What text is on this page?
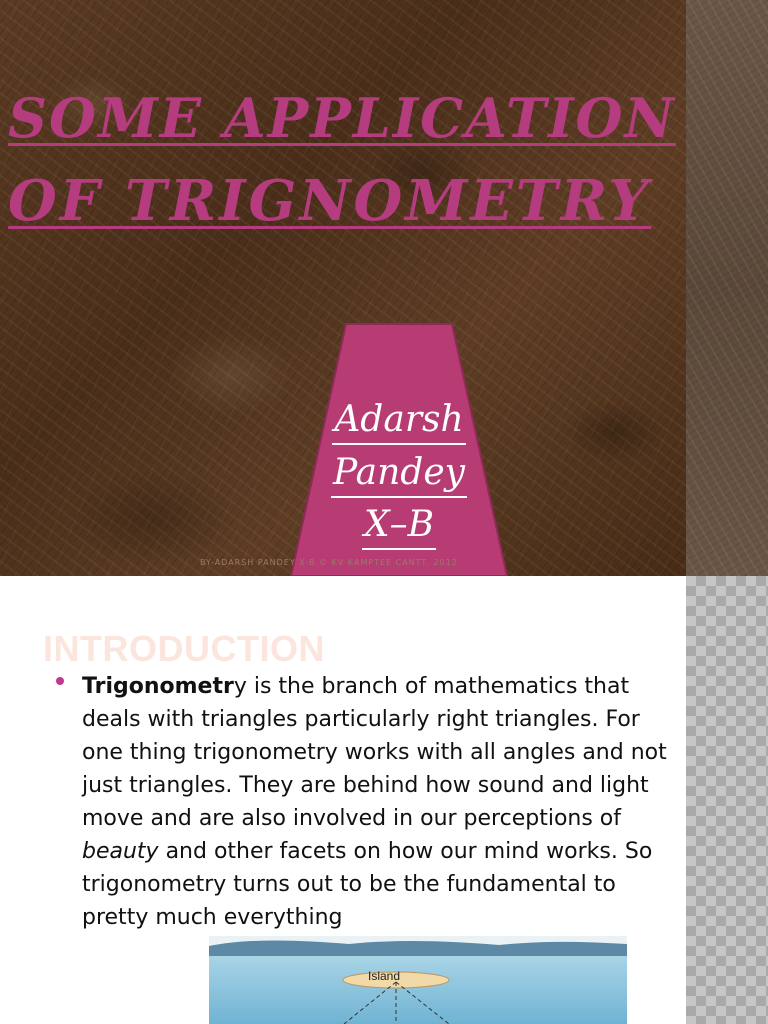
SOME APPLICATION
OF TRIGNOMETRY

Adarsh

Pandey

X–B

BY-ADARSH PANDEY X-B © KV KAMPTEE CANTT. 2012

INTRODUCTION

Trigonometry is the branch of mathematics that
deals with triangles particularly right triangles. For
one thing trigonometry works with all angles and not
just triangles. They are behind how sound and light
move and are also involved in our perceptions of
beauty and other facets on how our mind works. So
trigonometry turns out to be the fundamental to
pretty much everything

Island
